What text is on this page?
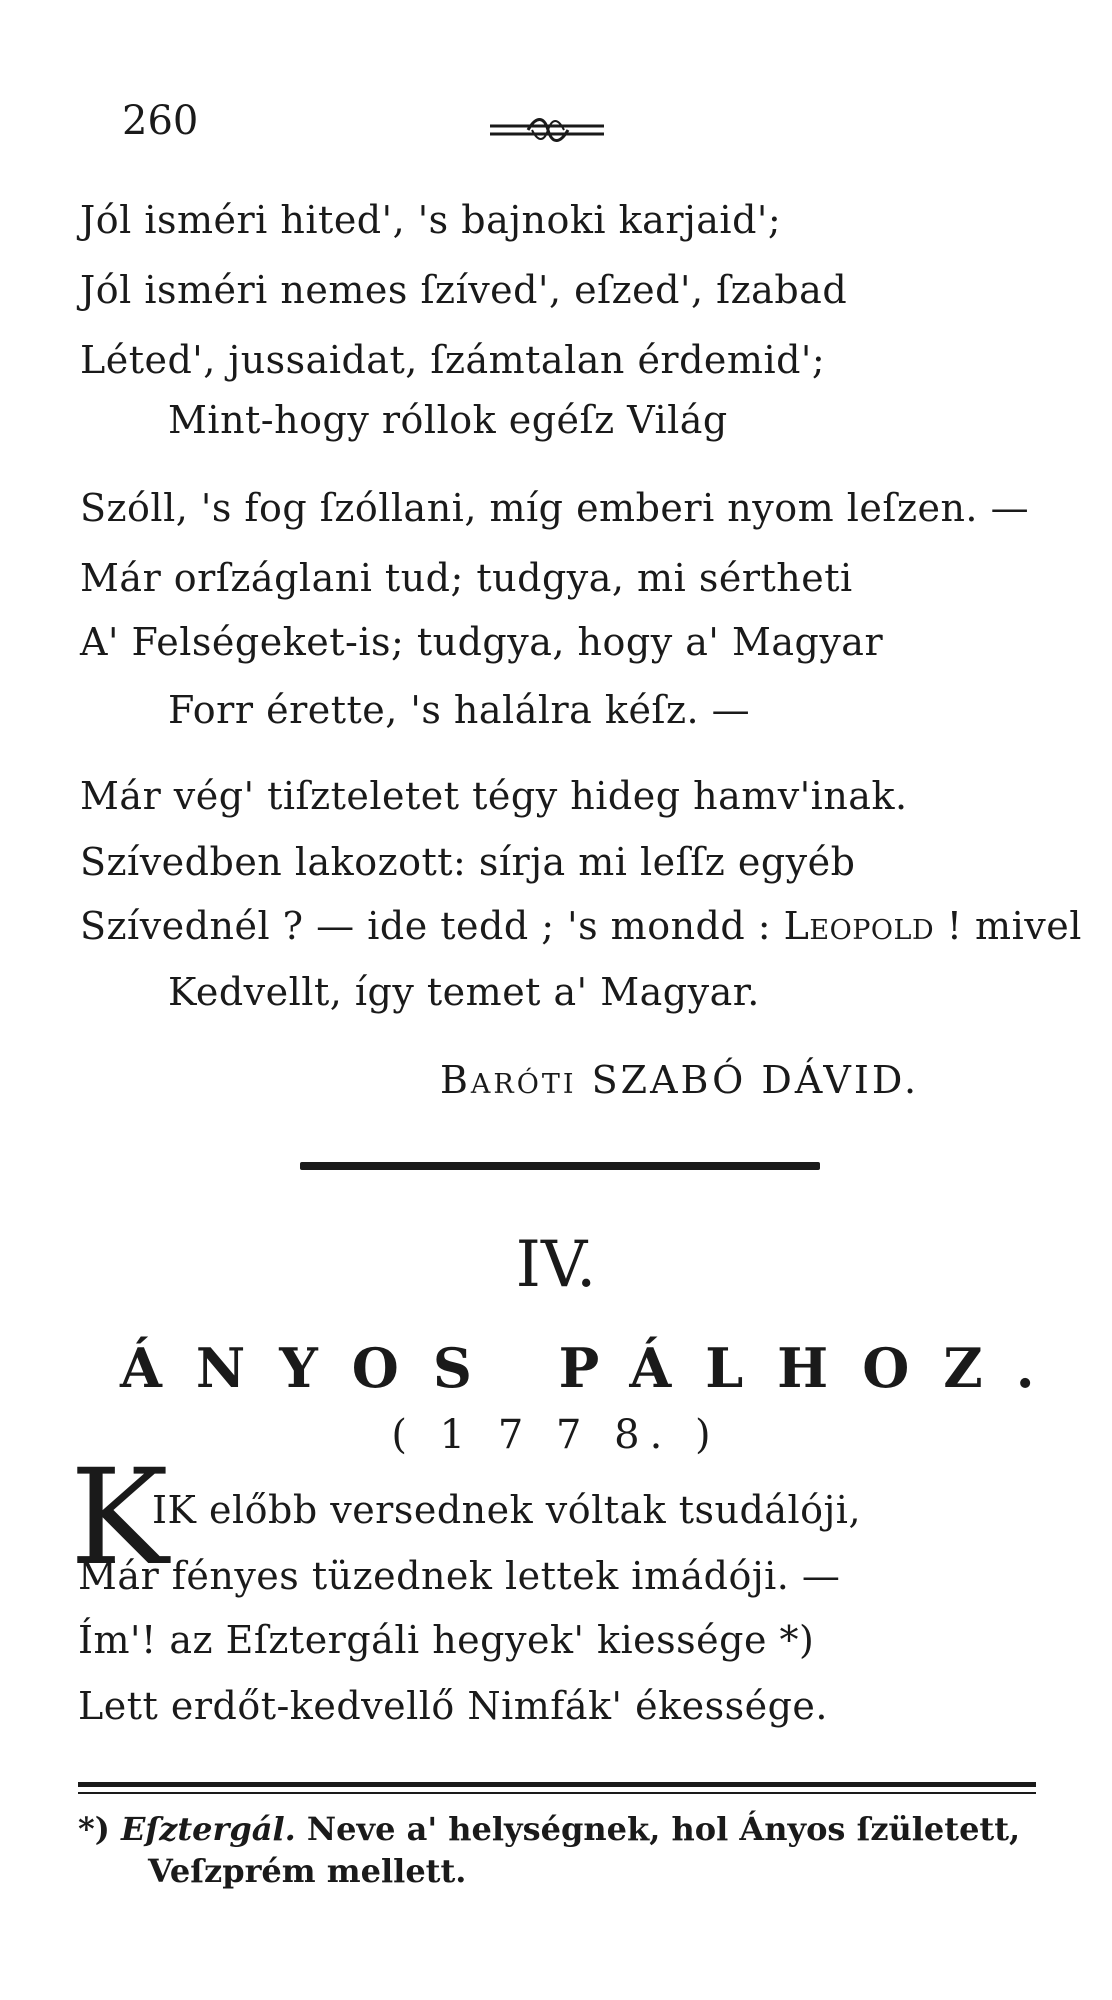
260
Jól isméri hited', 's bajnoki karjaid';
Jól isméri nemes ſzíved', eſzed', ſzabad
Léted', jussaidat, ſzámtalan érdemid';
Mint-hogy róllok egéſz Világ
Szóll, 's fog ſzóllani, míg emberi nyom leſzen. —
Már orſzáglani tud; tudgya, mi sértheti
A' Felségeket-is; tudgya, hogy a' Magyar
Forr érette, 's halálra kéſz. —
Már vég' tiſzteletet tégy hideg hamv'inak.
Szívedben lakozott: sírja mi leſſz egyéb
Szívednél ? — ide tedd ; 's mondd : Leopold ! mivel
Kedvellt, így temet a' Magyar.
Baróti SZABÓ DÁVID.
IV.
ÁNYOS PÁLHOZ.
( 1 7 7 8. )
K
IK előbb versednek vóltak tsudálóji,
Már fényes tüzednek lettek imádóji. —
Ím'! az Eſztergáli hegyek' kiessége *)
Lett erdőt-kedvellő Nimfák' ékessége.
*) Eſztergál. Neve a' helységnek, hol Ányos ſzületett,
Veſzprém mellett.
